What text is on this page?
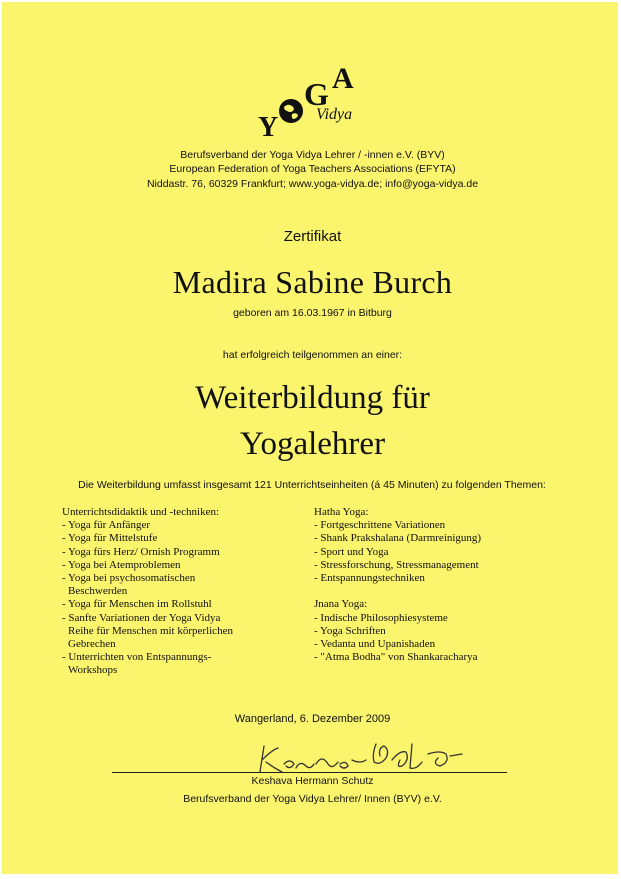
Y
G A
Vidya
Berufsverband der Yoga Vidya Lehrer / -innen e.V. (BYV)
European Federation of Yoga Teachers Associations (EFYTA)
Niddastr. 76, 60329 Frankfurt; www.yoga-vidya.de; info@yoga-vidya.de
Zertifikat
Madira Sabine Burch
geboren am 16.03.1967 in Bitburg
hat erfolgreich teilgenommen an einer:
Weiterbildung für
Yogalehrer
Die Weiterbildung umfasst insgesamt 121 Unterrichtseinheiten (á 45 Minuten) zu folgenden Themen:
Unterrichtsdidaktik und -techniken:
- Yoga für Anfänger
- Yoga für Mittelstufe
- Yoga fürs Herz/ Ornish Programm
- Yoga bei Atemproblemen
- Yoga bei psychosomatischen
Beschwerden
- Yoga für Menschen im Rollstuhl
- Sanfte Variationen der Yoga Vidya
Reihe für Menschen mit körperlichen
Gebrechen
- Unterrichten von Entspannungs-
Workshops
Hatha Yoga:
- Fortgeschrittene Variationen
- Shank Prakshalana (Darmreinigung)
- Sport und Yoga
- Stressforschung, Stressmanagement
- Entspannungstechniken
Jnana Yoga:
- Indische Philosophiesysteme
- Yoga Schriften
- Vedanta und Upanishaden
- "Atma Bodha" von Shankaracharya
Wangerland, 6. Dezember 2009
Keshava Hermann Schutz
Berufsverband der Yoga Vidya Lehrer/ Innen (BYV) e.V.
